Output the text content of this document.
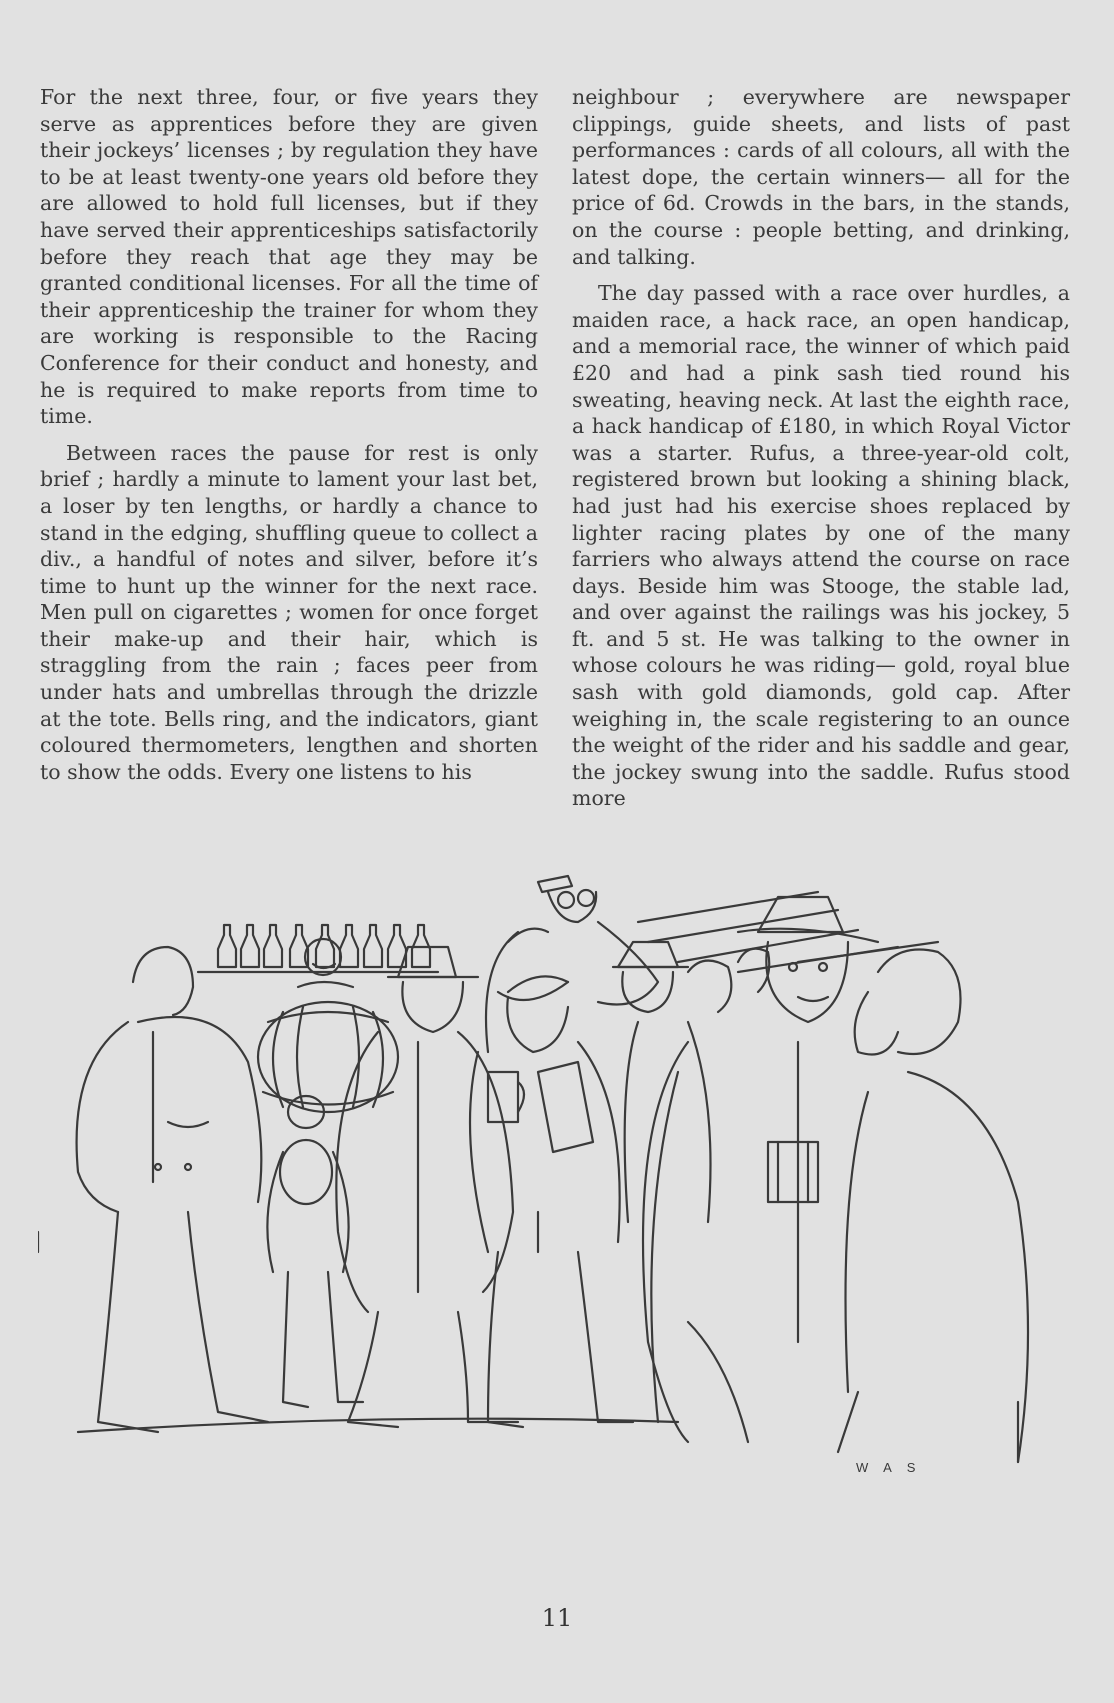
For the next three, four, or five years they serve as apprentices before they are given their jockeys’ licenses ; by regulation they have to be at least twenty-one years old before they are allowed to hold full licenses, but if they have served their apprenticeships satisfactorily before they reach that age they may be granted conditional licenses. For all the time of their apprenticeship the trainer for whom they are working is responsible to the Racing Conference for their conduct and honesty, and he is required to make reports from time to time.

Between races the pause for rest is only brief ; hardly a minute to lament your last bet, a loser by ten lengths, or hardly a chance to stand in the edging, shuffling queue to collect a div., a handful of notes and silver, before it’s time to hunt up the winner for the next race. Men pull on cigarettes ; women for once forget their make-up and their hair, which is straggling from the rain ; faces peer from under hats and umbrellas through the drizzle at the tote. Bells ring, and the indicators, giant coloured thermometers, lengthen and shorten to show the odds. Every one listens to his

neighbour ; everywhere are newspaper clippings, guide sheets, and lists of past performances : cards of all colours, all with the latest dope, the certain winners— all for the price of 6d. Crowds in the bars, in the stands, on the course : people betting, and drinking, and talking.

The day passed with a race over hurdles, a maiden race, a hack race, an open handicap, and a memorial race, the winner of which paid £20 and had a pink sash tied round his sweating, heaving neck. At last the eighth race, a hack handicap of £180, in which Royal Victor was a starter. Rufus, a three-year-old colt, registered brown but looking a shining black, had just had his exercise shoes replaced by lighter racing plates by one of the many farriers who always attend the course on race days. Beside him was Stooge, the stable lad, and over against the railings was his jockey, 5 ft. and 5 st. He was talking to the owner in whose colours he was riding— gold, royal blue sash with gold diamonds, gold cap. After weighing in, the scale registering to an ounce the weight of the rider and his saddle and gear, the jockey swung into the saddle. Rufus stood more

W A S
11
